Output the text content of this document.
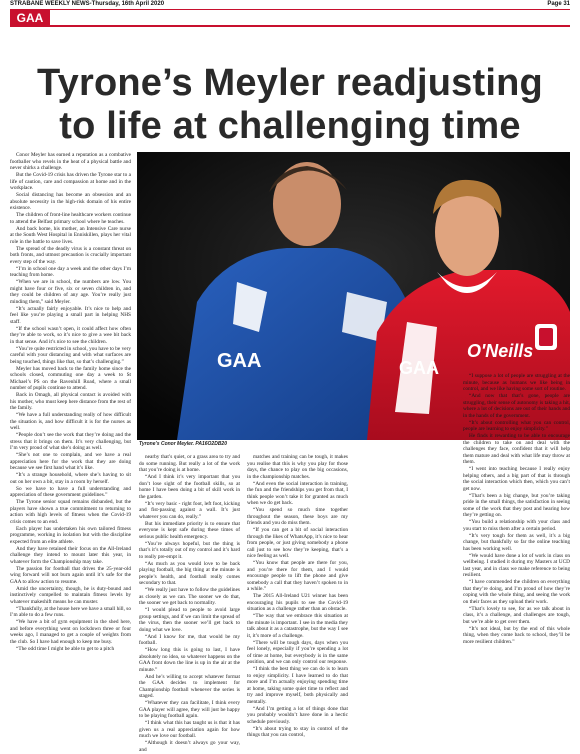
STRABANE WEEKLY NEWS-Thursday, 16th April 2020	Page 31
GAA
Tyrone’s Meyler readjusting
to life at challenging time

Conor Meyler has earned a reputation as a combative footballer who revels in the heat of a physical battle and never shirks a challenge.

But the Covid-19 crisis has driven the Tyrone star to a life of caution, care and compassion at home and in the workplace.

Social distancing has become an obsession and an absolute necessity in the high-risk domain of his entire existence.

The children of front-line healthcare workers continue to attend the Belfast primary school where he teaches.

And back home, his mother, an Intensive Care nurse at the South West Hospital in Enniskillen, plays her vital role in the battle to save lives.

The spread of the deadly virus is a constant threat on both fronts, and utmost precaution is crucially important every step of the way.

“I’m in school one day a week and the other days I’m teaching from home.

“When we are in school, the numbers are low. You might have four or five, six or seven children in, and they could be children of any age. You’re really just minding them,” said Meyler.

“It’s actually fairly enjoyable. It’s nice to help and feel like you’re playing a small part in helping NHS staff.

“If the school wasn’t open, it could affect how often they’re able to work, so it’s nice to give a wee bit back in that sense. And it’s nice to see the children.

“You’re quite restricted in school, you have to be very careful with your distancing and with what surfaces are being touched, things like that, so that’s challenging.”

Meyler has moved back to the family home since the schools closed, commuting one day a week to St Michael’s PS on the Ravenhill Road, where a small number of pupils continue to attend.

Back in Omagh, all physical contact is avoided with his mother, who must keep here distance from the rest of the family.

“We have a full understanding really of how difficult the situation is, and how difficult it is for the nurses as well.

“People don’t see the work that they’re doing and the stress that it brings on them. It’s very challenging, but I’m very proud of what she’s doing as well.

“She’s not one to complain, and we have a real appreciation here for the work that they are doing because we see first hand what it’s like.

“It’s a strange household, where she’s having to sit out on her own a bit, stay in a room by herself.

So we have to have a full understanding and appreciation of these government guidelines.”

The Tyrone senior squad remains disbanded, but the players have shown a true commitment to returning to action with high levels of fitness when the Covid-19 crisis comes to an end.

Each player has undertaken his own tailored fitness programme, working in isolation but with the discipline expected from an elite athlete.

And they have retained their focus on the All-Ireland challenge they intend to mount later this year, in whatever form the Championship may take.

The passion for football that drives the 25-year-old wing forward will not burn again until it’s safe for the GAA to allow action to resume.

Amid the uncertainty, though, he is duty-bound and instinctively compelled to maintain fitness levels by whatever makeshift means he can muster.

“Thankfully, at the house here we have a small hill, so I’m able to do a few runs.

“We have a bit of gym equipment in the shed here, and before everything went on lockdown three or four weeks ago, I managed to get a couple of weights from the club. So I have had enough to keep me busy.

“The odd time I might be able to get to a pitch

GAA	GAA
O'Neills
Tyrone’s Conor Meyler. PA16O2DB20

nearby that’s quiet, or a grass area to try and do some running. But really a lot of the work that you’re doing is at home.

“And I think it’s very important that you don’t lose sight of the football skills, so at home I have been doing a bit of skill work in the garden.

“It’s very basic - right foot, left foot, kicking and fist-passing against a wall. It’s just whatever you can do, really.”

But his immediate priority is to ensure that everyone is kept safe during these times of serious public health emergency.

“You’re always hopeful, but the thing is that’s it’s totally out of my control and it’s hard to really pre-empt it.

“As much as you would love to be back playing football, the big thing at the minute is people’s health, and football really comes secondary to that.

“We really just have to follow the guidelines as closely as we can. The sooner we do that, the sooner we get back to normality.

“I would plead to people to avoid large group settings, and if we can limit the spread of the virus, then the sooner we’ll get back to doing what we love.

“And I know for me, that would be my football.

“How long this is going to last, I have absolutely no idea, so whatever happens on the GAA front down the line is up in the air at the minute.”

And he’s willing to accept whatever format the GAA decides to implement for Championship football whenever the series is staged.

“Whatever they can facilitate, I think every GAA player will agree, they will just be happy to be playing football again.

“I think what this has taught us is that it has given us a real appreciation again for how much we love our football.

“Although it doesn’t always go your way, and

matches and training can be tough, it makes you realise that this is why you play for those days, the chance to play on the big occasions, in the championship matches.

“And even the social interaction in training, the fun and the friendships you get from that, I think people won’t take it for granted as much when we do get back.

“You spend so much time together throughout the season, these boys are my friends and you do miss them.

“If you can get a bit of social interaction through the likes of WhatsApp, it’s nice to hear from people, or just giving somebody a phone call just to see how they’re keeping, that’s a nice feeling as well.

“You know that people are there for you, and you’re there for them, and I would encourage people to lift the phone and give somebody a call that they haven’t spoken to in a while.”

The 2015 All-Ireland U21 winner has been encouraging his pupils to see the Covid-19 situation as a challenge rather than an obstacle.

“The way that we embrace this situation at the minute is important. I see in the media they talk about it as a catastrophe, but the way I see it, it’s more of a challenge.

“There will be tough days, days when you feel lonely, especially if you’re spending a lot of time at home, but everybody is in the same position, and we can only control our response.

“I think the best thing we can do is to learn to enjoy simplicity. I have learned to do that more and I’m actually enjoying spending time at home, taking some quiet time to reflect and try and improve myself, both physically and mentally.

“And I’m getting a lot of things done that you probably wouldn’t have done in a hectic schedule previously.

“It’s about trying to stay in control of the things that you can control,

“I suppose a lot of people are struggling at the minute, because as humans we like being in control, and we like having some sort of routine.

“And now that that’s gone, people are struggling, their sense of autonomy is taking a hit, where a lot of decisions are out of their hands and in the hands of the government.

“It’s about controlling what you can control, people are learning to enjoy simplicity.”

He finds it rewarding to be able to encourage the children to take on and deal with the challenges they face, confident that it will help them mature and deal with what life may throw at them.

“I went into teaching because I really enjoy helping others, and a big part of that is through the social interaction which then, which you can’t get now.

“That’s been a big change, but you’re taking pride in the small things, the satisfaction in seeing some of the work that they post and hearing how they’re getting on.

“You build a relationship with your class and you start to miss them after a certain period.

“It’s very tough for them as well, it’s a big change, but thankfully so far the online teaching has been working well.

“We would have done a lot of work in class on wellbeing. I studied it during my Masters at UCD last year, and in class we make reference to being resilient.

“I have commended the children on everything that they’re doing, and I’m proud of how they’re coping with the whole thing, and seeing the work on their faces as they upload their work.

“That’s lovely to see, for as we talk about in class, it’s a challenge, and challenges are tough, but we’re able to get over them.

“It’s not ideal, but by the end of this whole thing, when they come back to school, they’ll be more resilient children.”
